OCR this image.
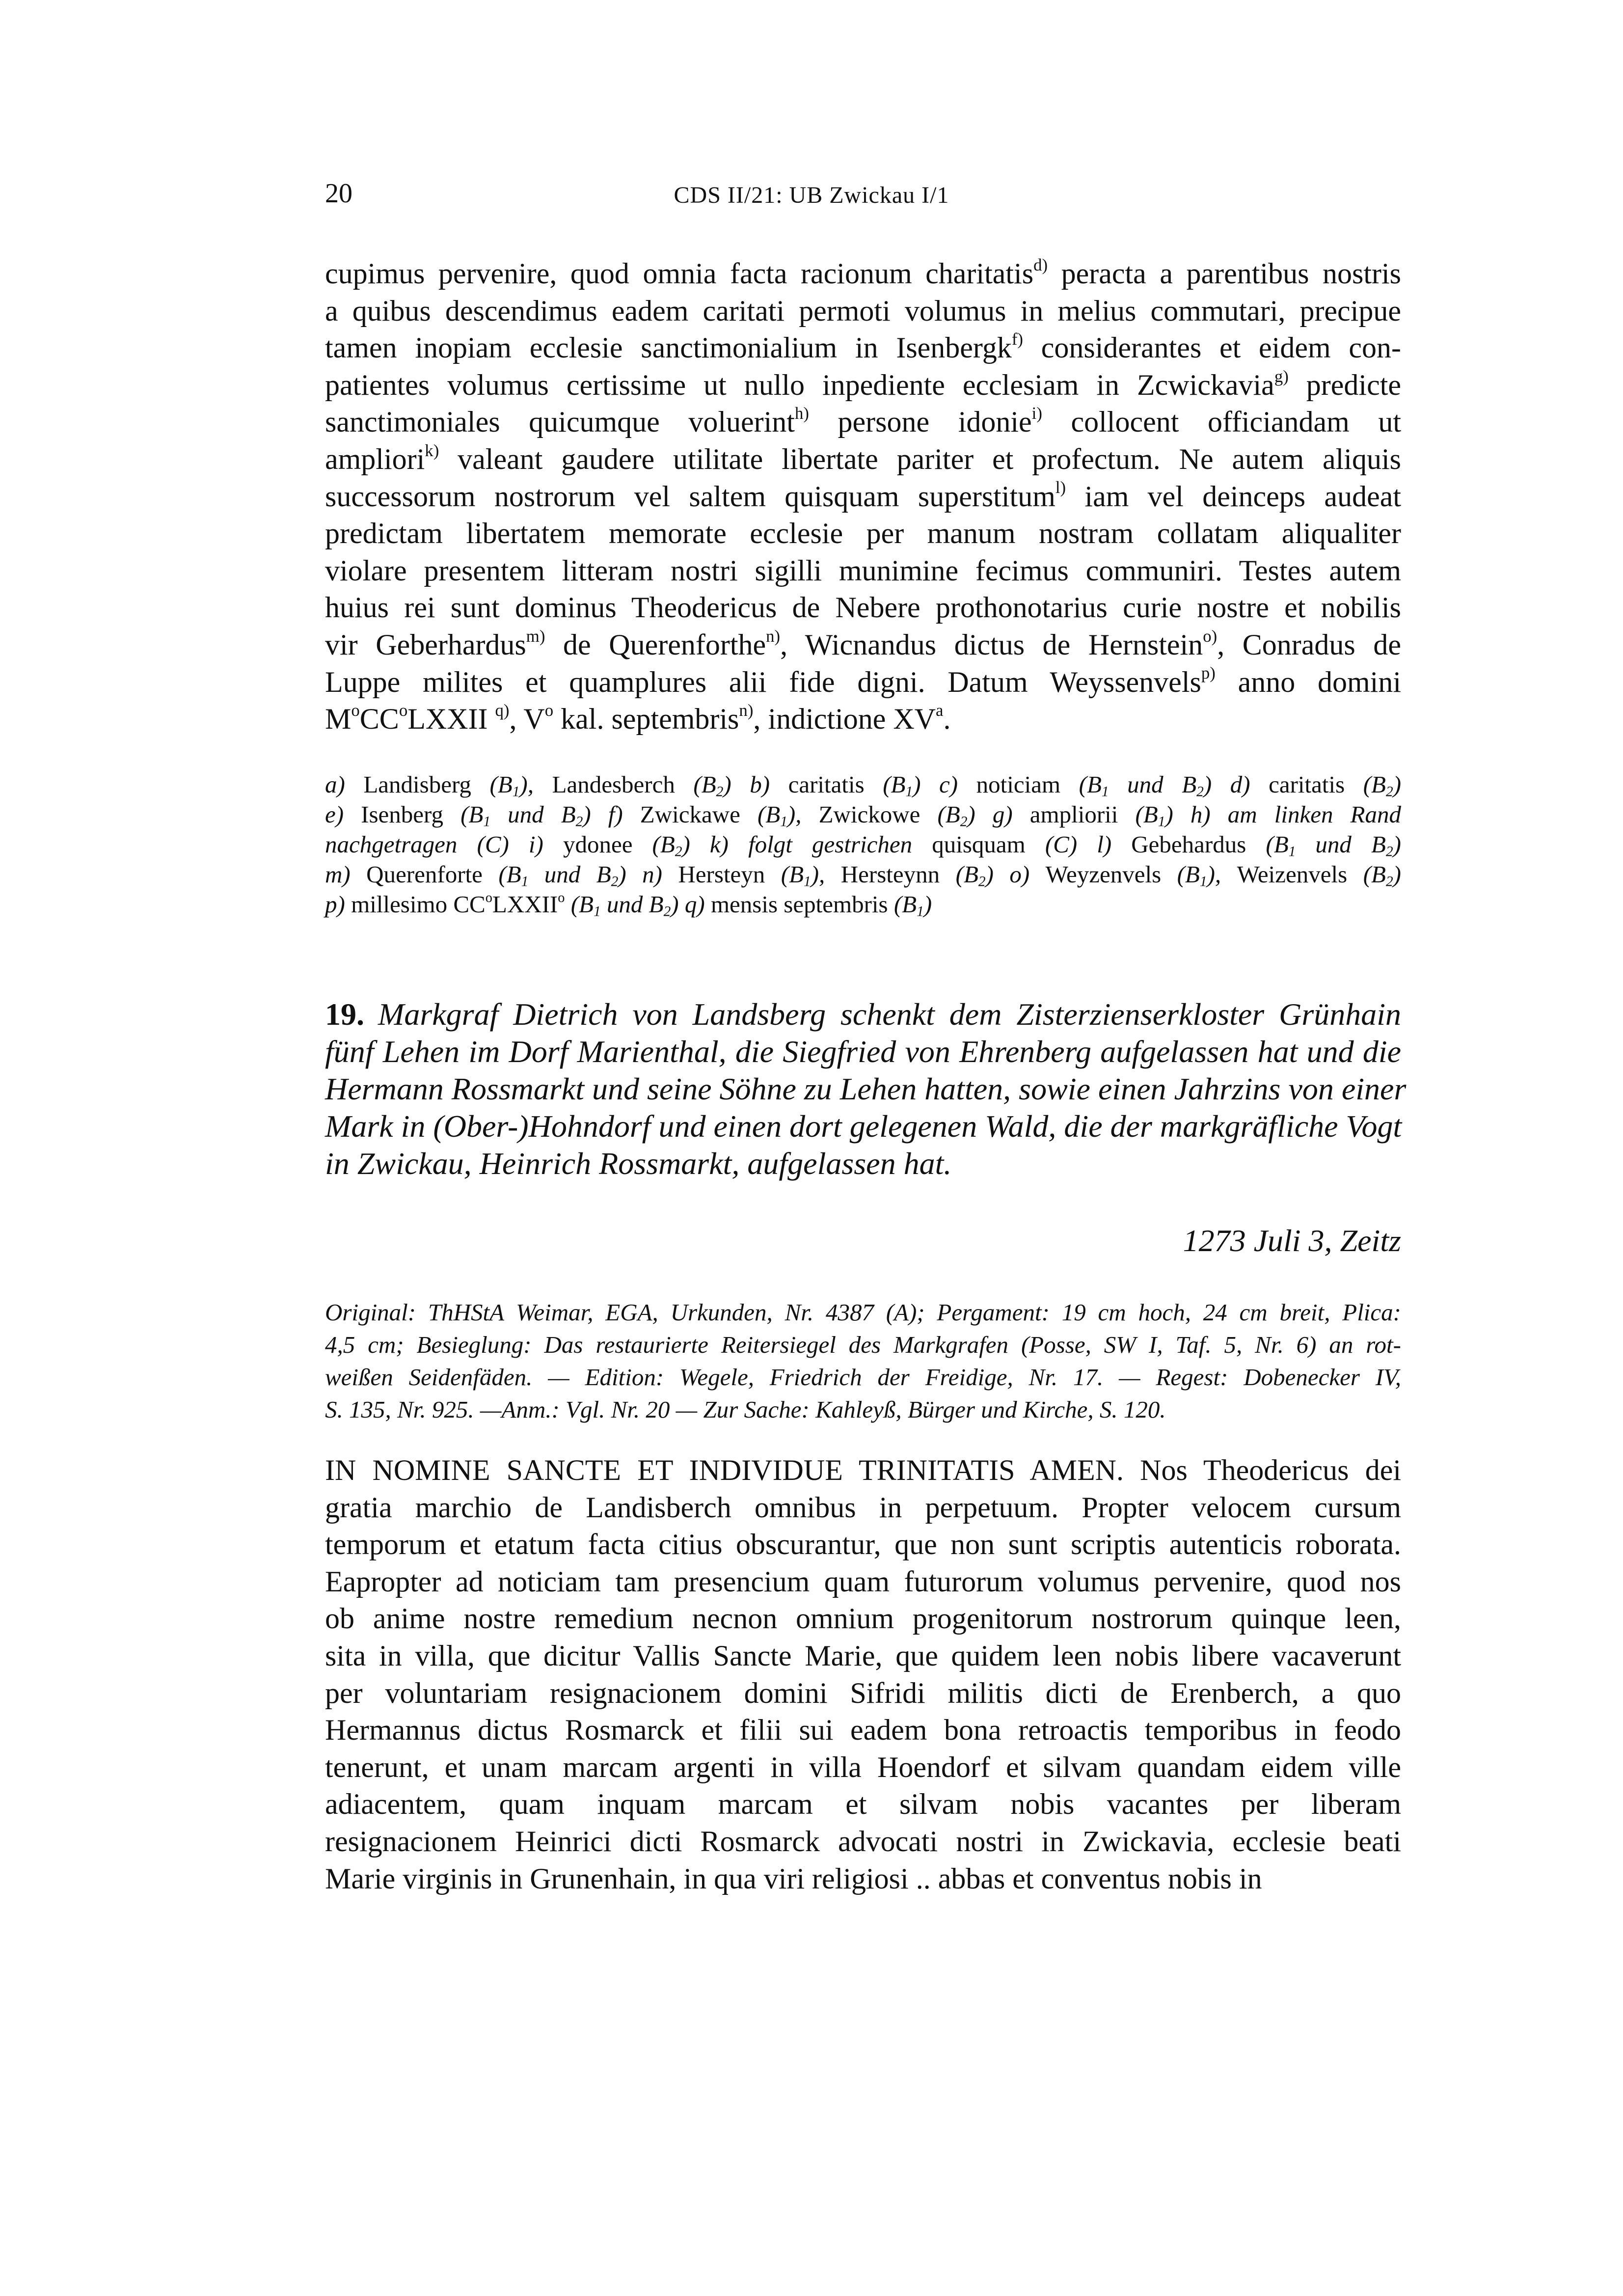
20	CDS II/21: UB Zwickau I/1
cupimus pervenire, quod omnia facta racionum charitatis$^{d)}$ peracta a parentibus nostris
a quibus descendimus eadem caritati permoti volumus in melius commutari, precipue
tamen inopiam ecclesie sanctimonialium in Isenbergk$^{f)}$ considerantes et eidem con-
patientes volumus certissime ut nullo inpediente ecclesiam in Zcwickavia$^{g)}$ predicte
sanctimoniales quicumque voluerint$^{h)}$ persone idonie$^{i)}$ collocent officiandam ut
ampliori$^{k)}$ valeant gaudere utilitate libertate pariter et profectum. Ne autem aliquis
successorum nostrorum vel saltem quisquam superstitum$^{l)}$ iam vel deinceps audeat
predictam libertatem memorate ecclesie per manum nostram collatam aliqualiter
violare presentem litteram nostri sigilli munimine fecimus communiri. Testes autem
huius rei sunt dominus Theodericus de Nebere prothonotarius curie nostre et nobilis
vir Geberhardus$^{m)}$ de Querenforthe$^{n)}$, Wicnandus dictus de Hernstein$^{o)}$, Conradus de
Luppe milites et quamplures alii fide digni. Datum Weyssenvels$^{p)}$ anno domini
$M^oCC^oLXXII$ $^{q)}$, $V^o$ kal. septembris$^{n)}$, indictione $XV^a$.
a) Landisberg $(B_1)$, Landesberch $(B_2)$ b) caritatis $(B_1)$ c) noticiam ($B_1$ und $B_2$) d) caritatis $(B_2)$
e) Isenberg ($B_1$ und $B_2$) f) Zwickawe $(B_1)$, Zwickowe $(B_2)$ g) ampliorii $(B_1)$ h) am linken Rand
nachgetragen (C) i) ydonee $(B_2)$ k) folgt gestrichen quisquam (C) l) Gebehardus ($B_1$ und $B_2$)
m) Querenforte ($B_1$ und $B_2$) n) Hersteyn $(B_1)$, Hersteynn $(B_2)$ o) Weyzenvels $(B_1)$, Weizenvels $(B_2)$
p) millesimo $CC^oLXXII^o$ ($B_1$ und $B_2$) q) mensis septembris $(B_1)$
19. Markgraf Dietrich von Landsberg schenkt dem Zisterzienserkloster Grünhain
fünf Lehen im Dorf Marienthal, die Siegfried von Ehrenberg aufgelassen hat und die
Hermann Rossmarkt und seine Söhne zu Lehen hatten, sowie einen Jahrzins von einer
Mark in (Ober-)Hohndorf und einen dort gelegenen Wald, die der markgräfliche Vogt
in Zwickau, Heinrich Rossmarkt, aufgelassen hat.
1273 Juli 3, Zeitz
Original: ThHStA Weimar, EGA, Urkunden, Nr. 4387 (A); Pergament: 19 cm hoch, 24 cm breit, Plica:
4,5 cm; Besieglung: Das restaurierte Reitersiegel des Markgrafen (Posse, SW I, Taf. 5, Nr. 6) an rot-
weißen Seidenfäden. — Edition: Wegele, Friedrich der Freidige, Nr. 17. — Regest: Dobenecker IV,
S. 135, Nr. 925. —Anm.: Vgl. Nr. 20 — Zur Sache: Kahleyß, Bürger und Kirche, S. 120.
IN NOMINE SANCTE ET INDIVIDUE TRINITATIS AMEN. Nos Theodericus dei
gratia marchio de Landisberch omnibus in perpetuum. Propter velocem cursum
temporum et etatum facta citius obscurantur, que non sunt scriptis autenticis roborata.
Eapropter ad noticiam tam presencium quam futurorum volumus pervenire, quod nos
ob anime nostre remedium necnon omnium progenitorum nostrorum quinque leen,
sita in villa, que dicitur Vallis Sancte Marie, que quidem leen nobis libere vacaverunt
per voluntariam resignacionem domini Sifridi militis dicti de Erenberch, a quo
Hermannus dictus Rosmarck et filii sui eadem bona retroactis temporibus in feodo
tenerunt, et unam marcam argenti in villa Hoendorf et silvam quandam eidem ville
adiacentem, quam inquam marcam et silvam nobis vacantes per liberam
resignacionem Heinrici dicti Rosmarck advocati nostri in Zwickavia, ecclesie beati
Marie virginis in Grunenhain, in qua viri religiosi .. abbas et conventus nobis in
